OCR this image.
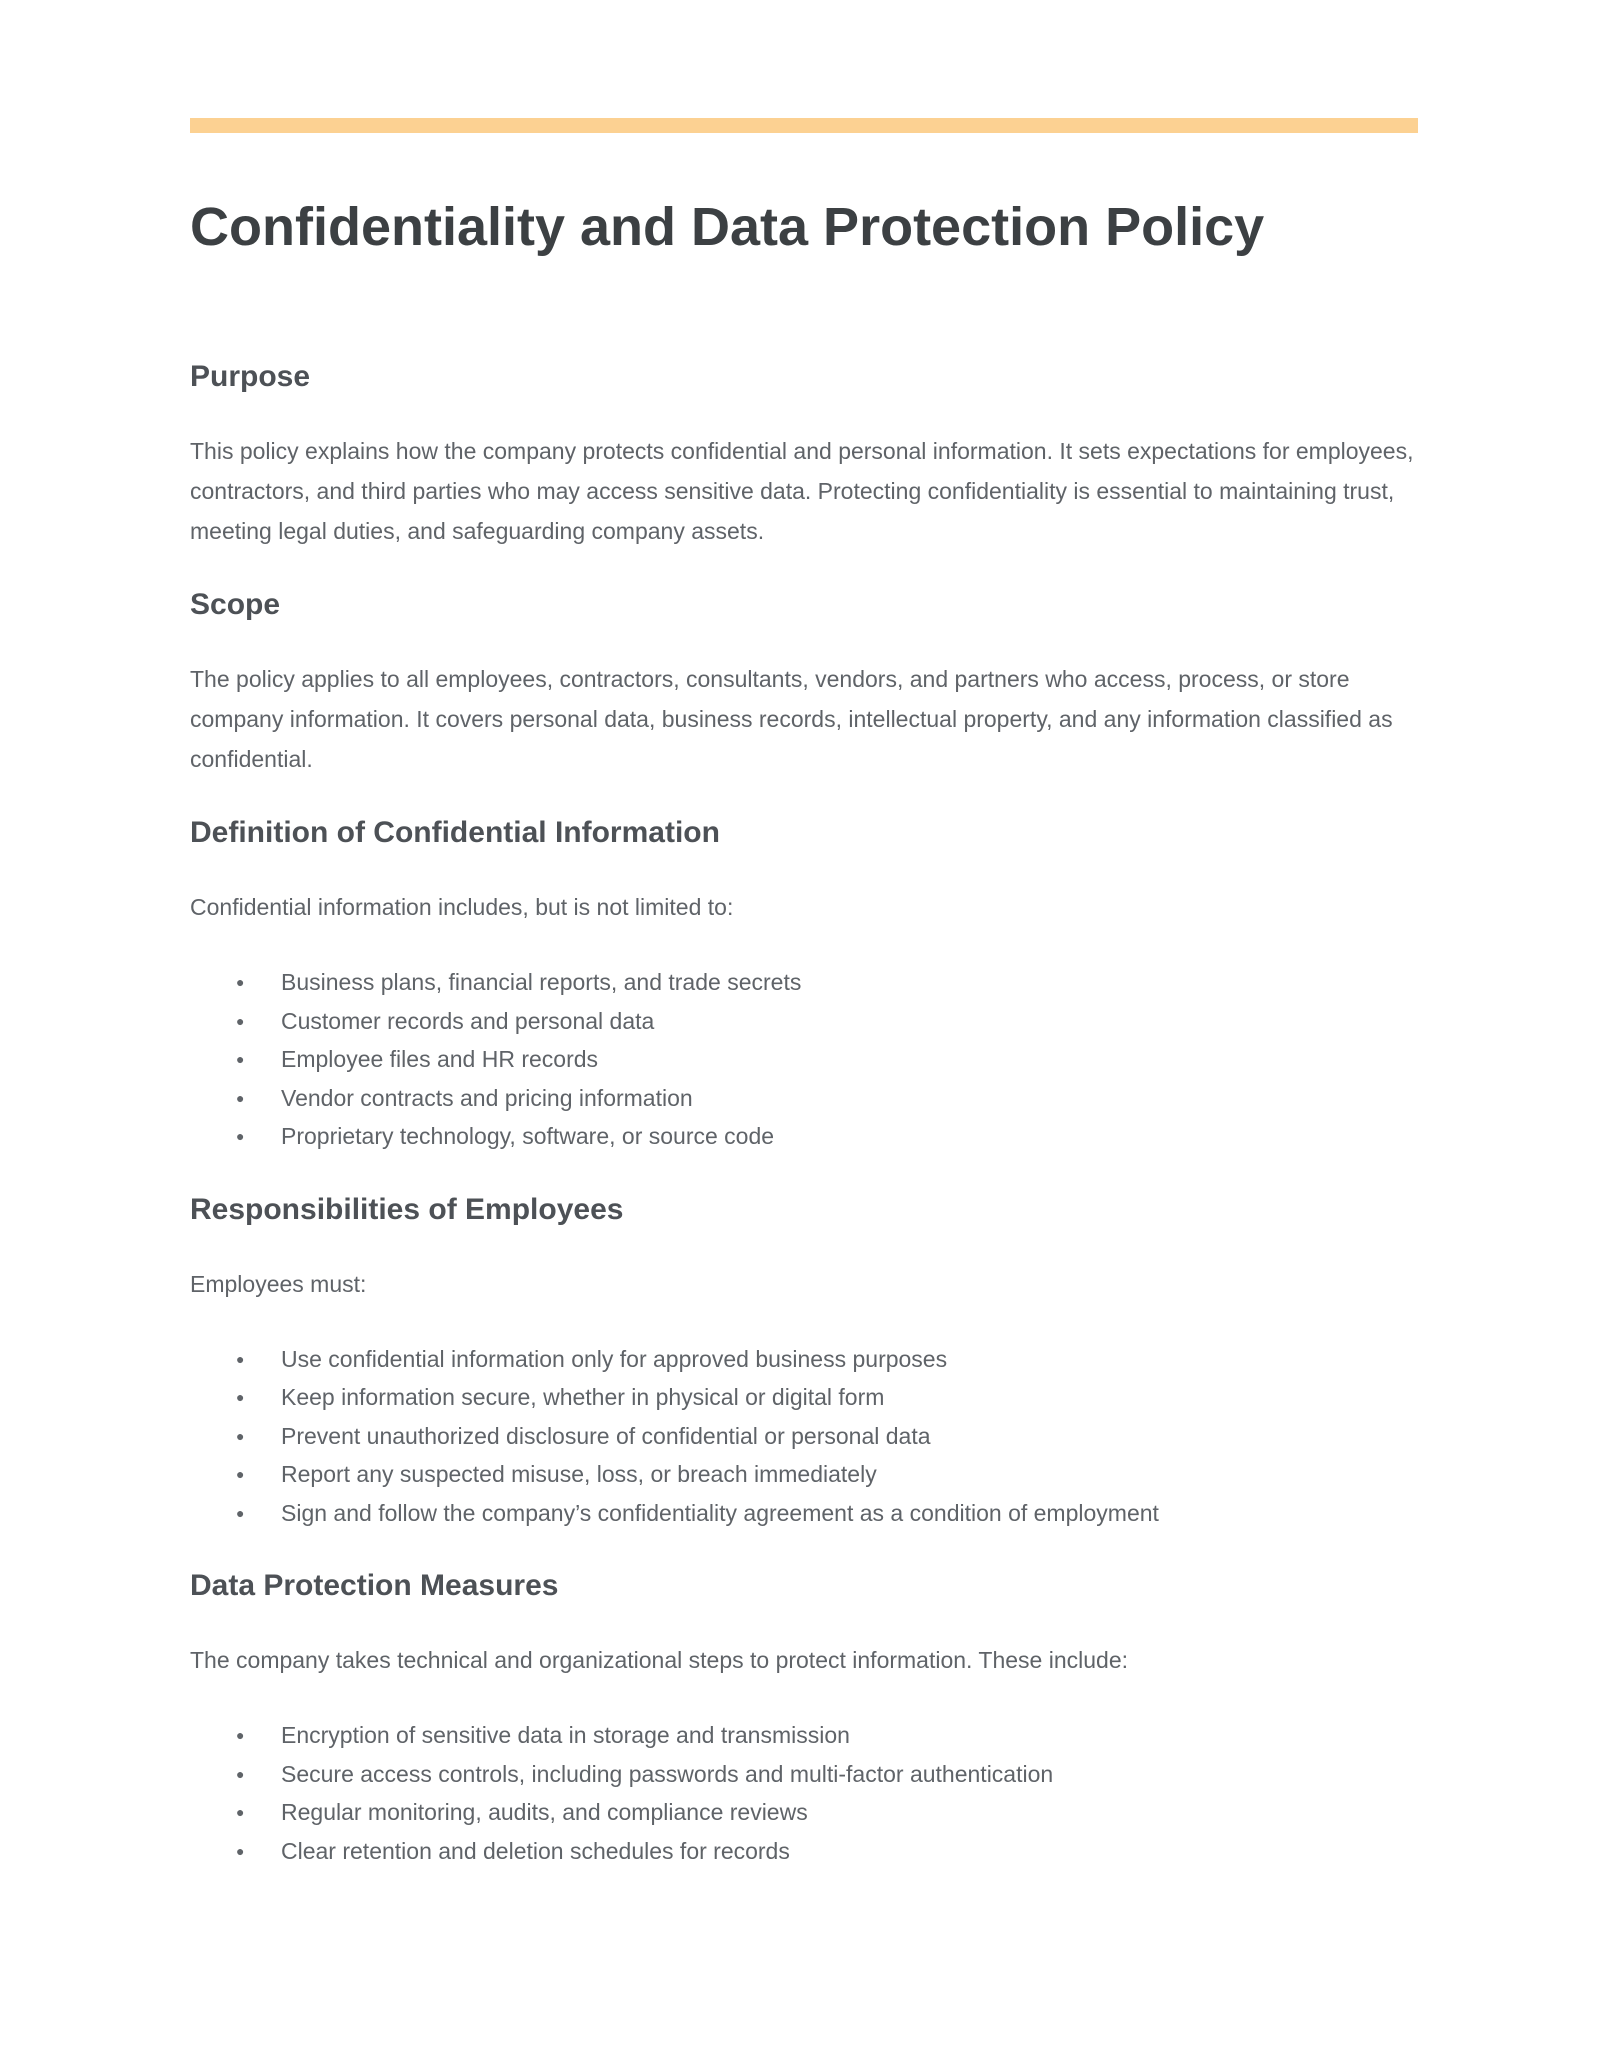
Confidentiality and Data Protection Policy
Purpose

This policy explains how the company protects confidential and personal information. It sets expectations for employees, contractors, and third parties who may access sensitive data. Protecting confidentiality is essential to maintaining trust, meeting legal duties, and safeguarding company assets.

Scope

The policy applies to all employees, contractors, consultants, vendors, and partners who access, process, or store company information. It covers personal data, business records, intellectual property, and any information classified as confidential.

Definition of Confidential Information

Confidential information includes, but is not limited to:

● Business plans, financial reports, and trade secrets
● Customer records and personal data
● Employee files and HR records
● Vendor contracts and pricing information
● Proprietary technology, software, or source code
Responsibilities of Employees

Employees must:

● Use confidential information only for approved business purposes
● Keep information secure, whether in physical or digital form
● Prevent unauthorized disclosure of confidential or personal data
● Report any suspected misuse, loss, or breach immediately
● Sign and follow the company’s confidentiality agreement as a condition of employment
Data Protection Measures

The company takes technical and organizational steps to protect information. These include:

● Encryption of sensitive data in storage and transmission
● Secure access controls, including passwords and multi-factor authentication
● Regular monitoring, audits, and compliance reviews
● Clear retention and deletion schedules for records
